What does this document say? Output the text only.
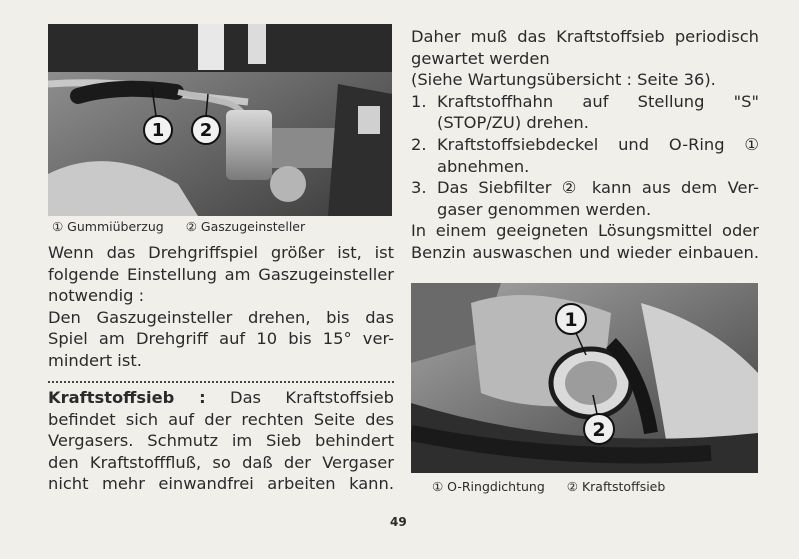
1 2
① Gummiüberzug ② Gaszugeinsteller

Wenn das Drehgriffspiel größer ist, ist

folgende Einstellung am Gaszugeinsteller

notwendig :

Den Gaszugeinsteller drehen, bis das

Spiel am Drehgriff auf 10 bis 15° ver-

mindert ist.

Kraftstoffsieb : Das Kraftstoffsieb
befindet sich auf der rechten Seite des
Vergasers. Schmutz im Sieb behindert
den Kraftstofffluß, so daß der Vergaser
nicht mehr einwandfrei arbeiten kann.
Daher muß das Kraftstoffsieb periodisch
gewartet werden
(Siehe Wartungsübersicht : Seite 36).
1. Kraftstoffhahn auf Stellung "S"
(STOP/ZU) drehen.
2. Kraftstoffsiebdeckel und O-Ring ①
abnehmen.
3. Das Siebfilter ② kann aus dem Ver-
gaser genommen werden.
In einem geeigneten Lösungsmittel oder
Benzin auswaschen und wieder einbauen.
1
2
① O-Ringdichtung ② Kraftstoffsieb
49
